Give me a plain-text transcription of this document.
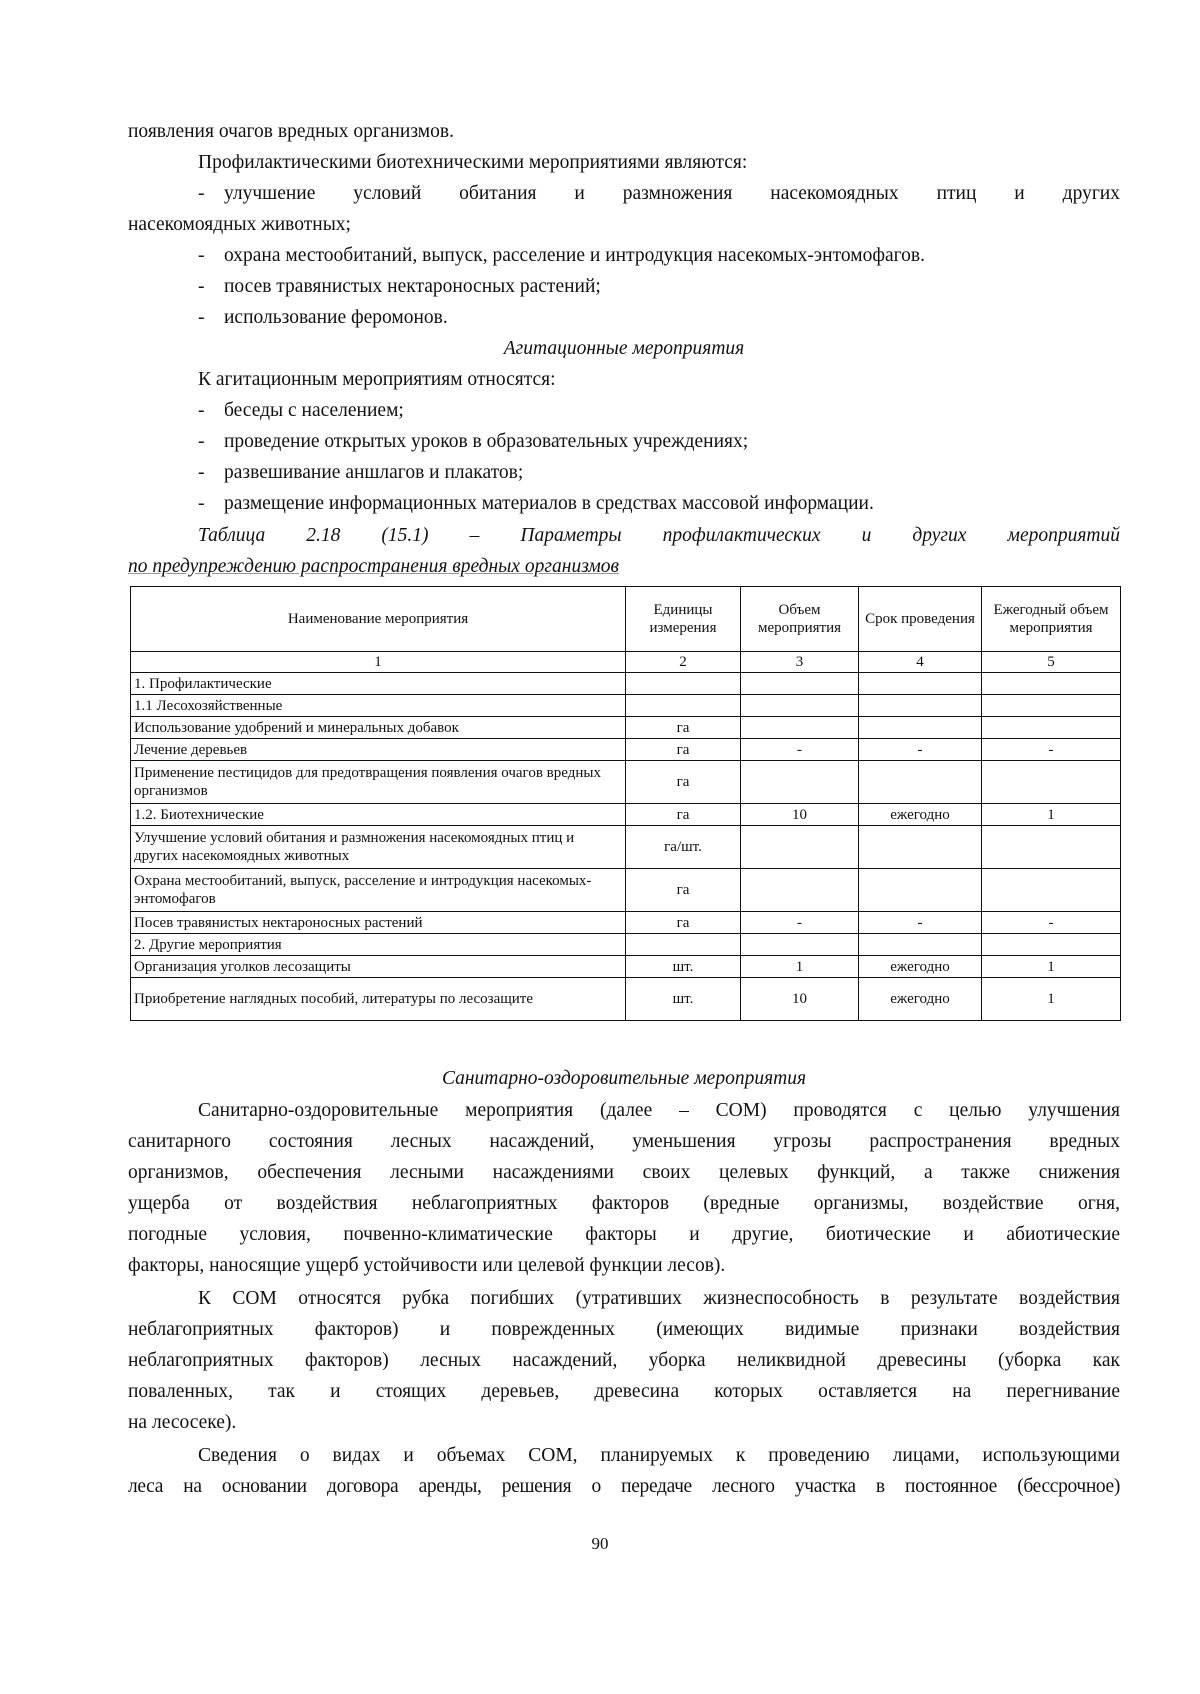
появления очагов вредных организмов.

Профилактическими биотехническими мероприятиями являются:

- улучшение условий обитания и размножения насекомоядных птиц и других

насекомоядных животных;

- охрана местообитаний, выпуск, расселение и интродукция насекомых-энтомофагов.
- посев травянистых нектароносных растений;
- использование феромонов.

Агитационные мероприятия

К агитационным мероприятиям относятся:

- беседы с населением;
- проведение открытых уроков в образовательных учреждениях;
- развешивание аншлагов и плакатов;
- размещение информационных материалов в средствах массовой информации.
Таблица 2.18 (15.1) – Параметры профилактических и других мероприятий
по предупреждению распространения вредных организмов
Наименование мероприятия	Единицы измерения	Объем мероприятия	Срок проведения	Ежегодный объем мероприятия
1	2	3	4	5
1. Профилактические				
1.1 Лесохозяйственные				
Использование удобрений и минеральных добавок	га			
Лечение деревьев	га	-	-	-
Применение пестицидов для предотвращения появления очагов вредных организмов	га			
1.2. Биотехнические	га	10	ежегодно	1
Улучшение условий обитания и размножения насекомоядных птиц и других насекомоядных животных	га/шт.			
Охрана местообитаний, выпуск, расселение и интродукция насекомых-энтомофагов	га			
Посев травянистых нектароносных растений	га	-	-	-
2. Другие мероприятия				
Организация уголков лесозащиты	шт.	1	ежегодно	1
Приобретение наглядных пособий, литературы по лесозащите	шт.	10	ежегодно	1

Санитарно-оздоровительные мероприятия

Санитарно-оздоровительные мероприятия (далее – СОМ) проводятся с целью улучшения

санитарного состояния лесных насаждений, уменьшения угрозы распространения вредных

организмов, обеспечения лесными насаждениями своих целевых функций, а также снижения

ущерба от воздействия неблагоприятных факторов (вредные организмы, воздействие огня,

погодные условия, почвенно-климатические факторы и другие, биотические и абиотические

факторы, наносящие ущерб устойчивости или целевой функции лесов).

К СОМ относятся рубка погибших (утративших жизнеспособность в результате воздействия

неблагоприятных факторов) и поврежденных (имеющих видимые признаки воздействия

неблагоприятных факторов) лесных насаждений, уборка неликвидной древесины (уборка как

поваленных, так и стоящих деревьев, древесина которых оставляется на перегнивание

на лесосеке).

Сведения о видах и объемах СОМ, планируемых к проведению лицами, использующими

леса на основании договора аренды, решения о передаче лесного участка в постоянное (бессрочное)

90
